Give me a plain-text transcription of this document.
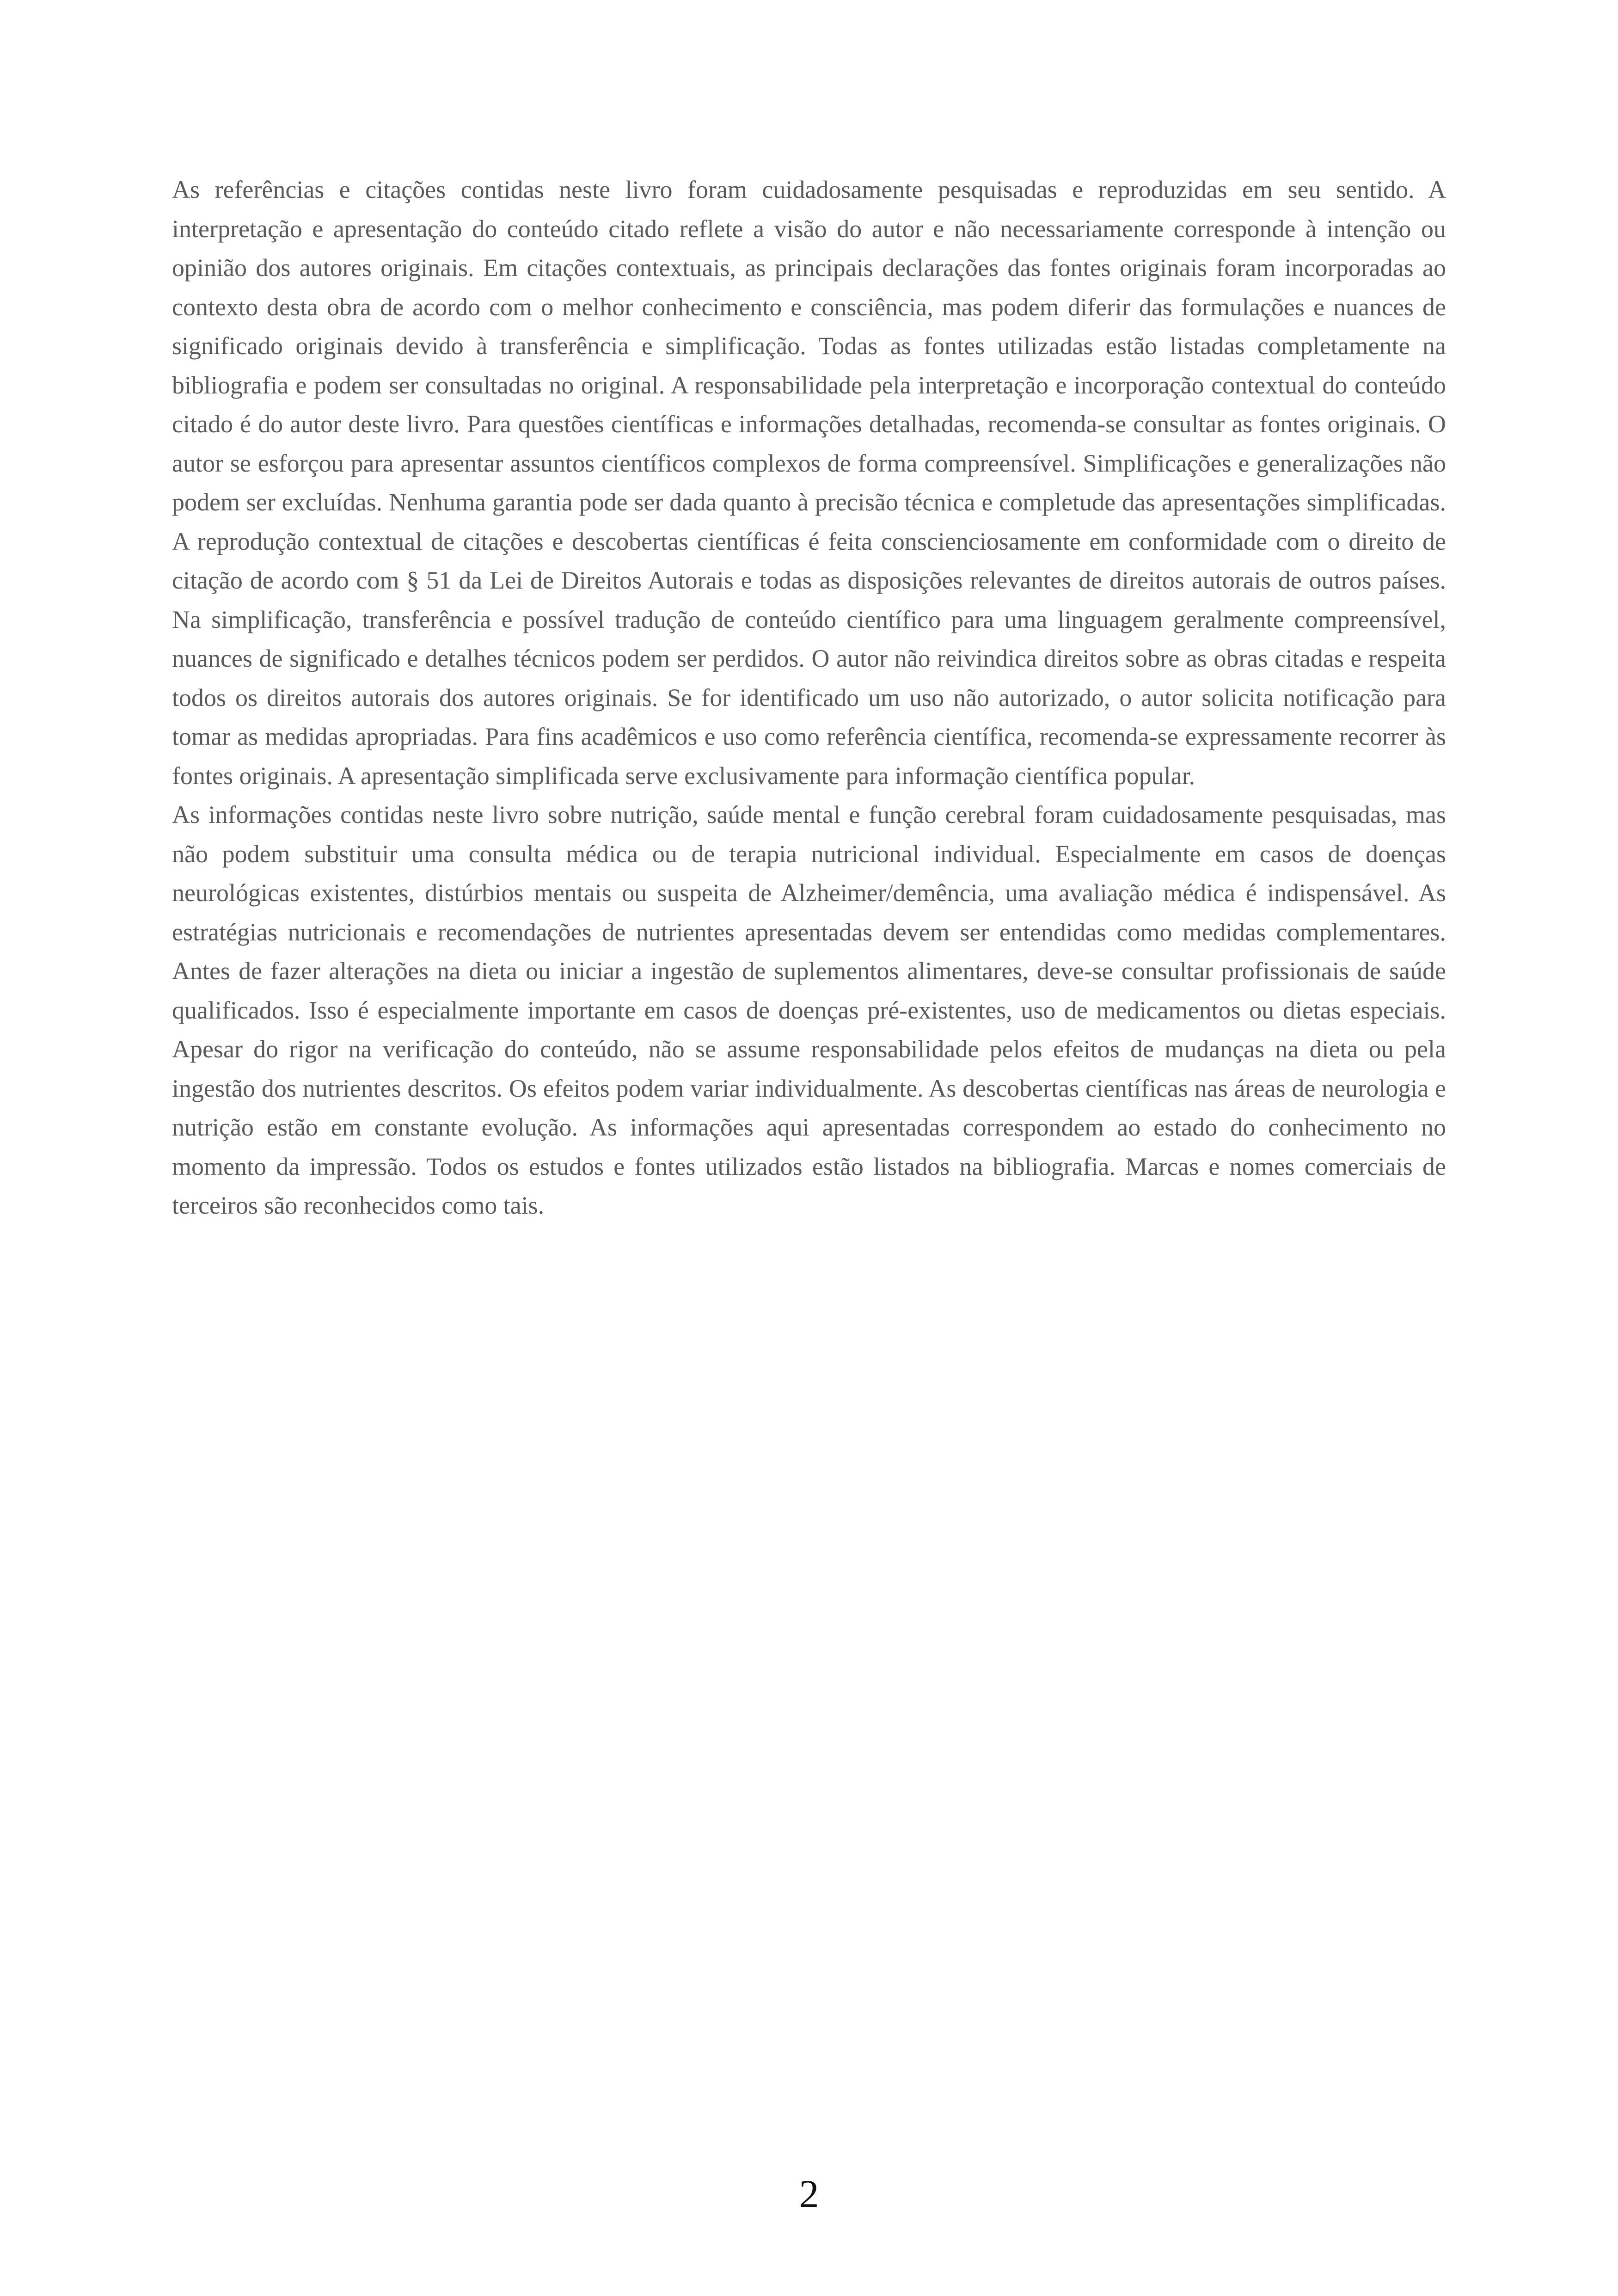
As referências e citações contidas neste livro foram cuidadosamente pesquisadas e reproduzidas em seu sentido. A interpretação e apresentação do conteúdo citado reflete a visão do autor e não necessariamente corresponde à intenção ou opinião dos autores originais. Em citações contextuais, as principais declarações das fontes originais foram incorporadas ao contexto desta obra de acordo com o melhor conhecimento e consciência, mas podem diferir das formulações e nuances de significado originais devido à transferência e simplificação. Todas as fontes utilizadas estão listadas completamente na bibliografia e podem ser consultadas no original. A responsabilidade pela interpretação e incorporação contextual do conteúdo citado é do autor deste livro. Para questões científicas e informações detalhadas, recomenda-se consultar as fontes originais. O autor se esforçou para apresentar assuntos científicos complexos de forma compreensível. Simplificações e generalizações não podem ser excluídas. Nenhuma garantia pode ser dada quanto à precisão técnica e completude das apresentações simplificadas. A reprodução contextual de citações e descobertas científicas é feita conscienciosamente em conformidade com o direito de citação de acordo com § 51 da Lei de Direitos Autorais e todas as disposições relevantes de direitos autorais de outros países. Na simplificação, transferência e possível tradução de conteúdo científico para uma linguagem geralmente compreensível, nuances de significado e detalhes técnicos podem ser perdidos. O autor não reivindica direitos sobre as obras citadas e respeita todos os direitos autorais dos autores originais. Se for identificado um uso não autorizado, o autor solicita notificação para tomar as medidas apropriadas. Para fins acadêmicos e uso como referência científica, recomenda-se expressamente recorrer às fontes originais. A apresentação simplificada serve exclusivamente para informação científica popular.

As informações contidas neste livro sobre nutrição, saúde mental e função cerebral foram cuidadosamente pesquisadas, mas não podem substituir uma consulta médica ou de terapia nutricional individual. Especialmente em casos de doenças neurológicas existentes, distúrbios mentais ou suspeita de Alzheimer/demência, uma avaliação médica é indispensável. As estratégias nutricionais e recomendações de nutrientes apresentadas devem ser entendidas como medidas complementares. Antes de fazer alterações na dieta ou iniciar a ingestão de suplementos alimentares, deve-se consultar profissionais de saúde qualificados. Isso é especialmente importante em casos de doenças pré-existentes, uso de medicamentos ou dietas especiais. Apesar do rigor na verificação do conteúdo, não se assume responsabilidade pelos efeitos de mudanças na dieta ou pela ingestão dos nutrientes descritos. Os efeitos podem variar individualmente. As descobertas científicas nas áreas de neurologia e nutrição estão em constante evolução. As informações aqui apresentadas correspondem ao estado do conhecimento no momento da impressão. Todos os estudos e fontes utilizados estão listados na bibliografia. Marcas e nomes comerciais de terceiros são reconhecidos como tais.

2
